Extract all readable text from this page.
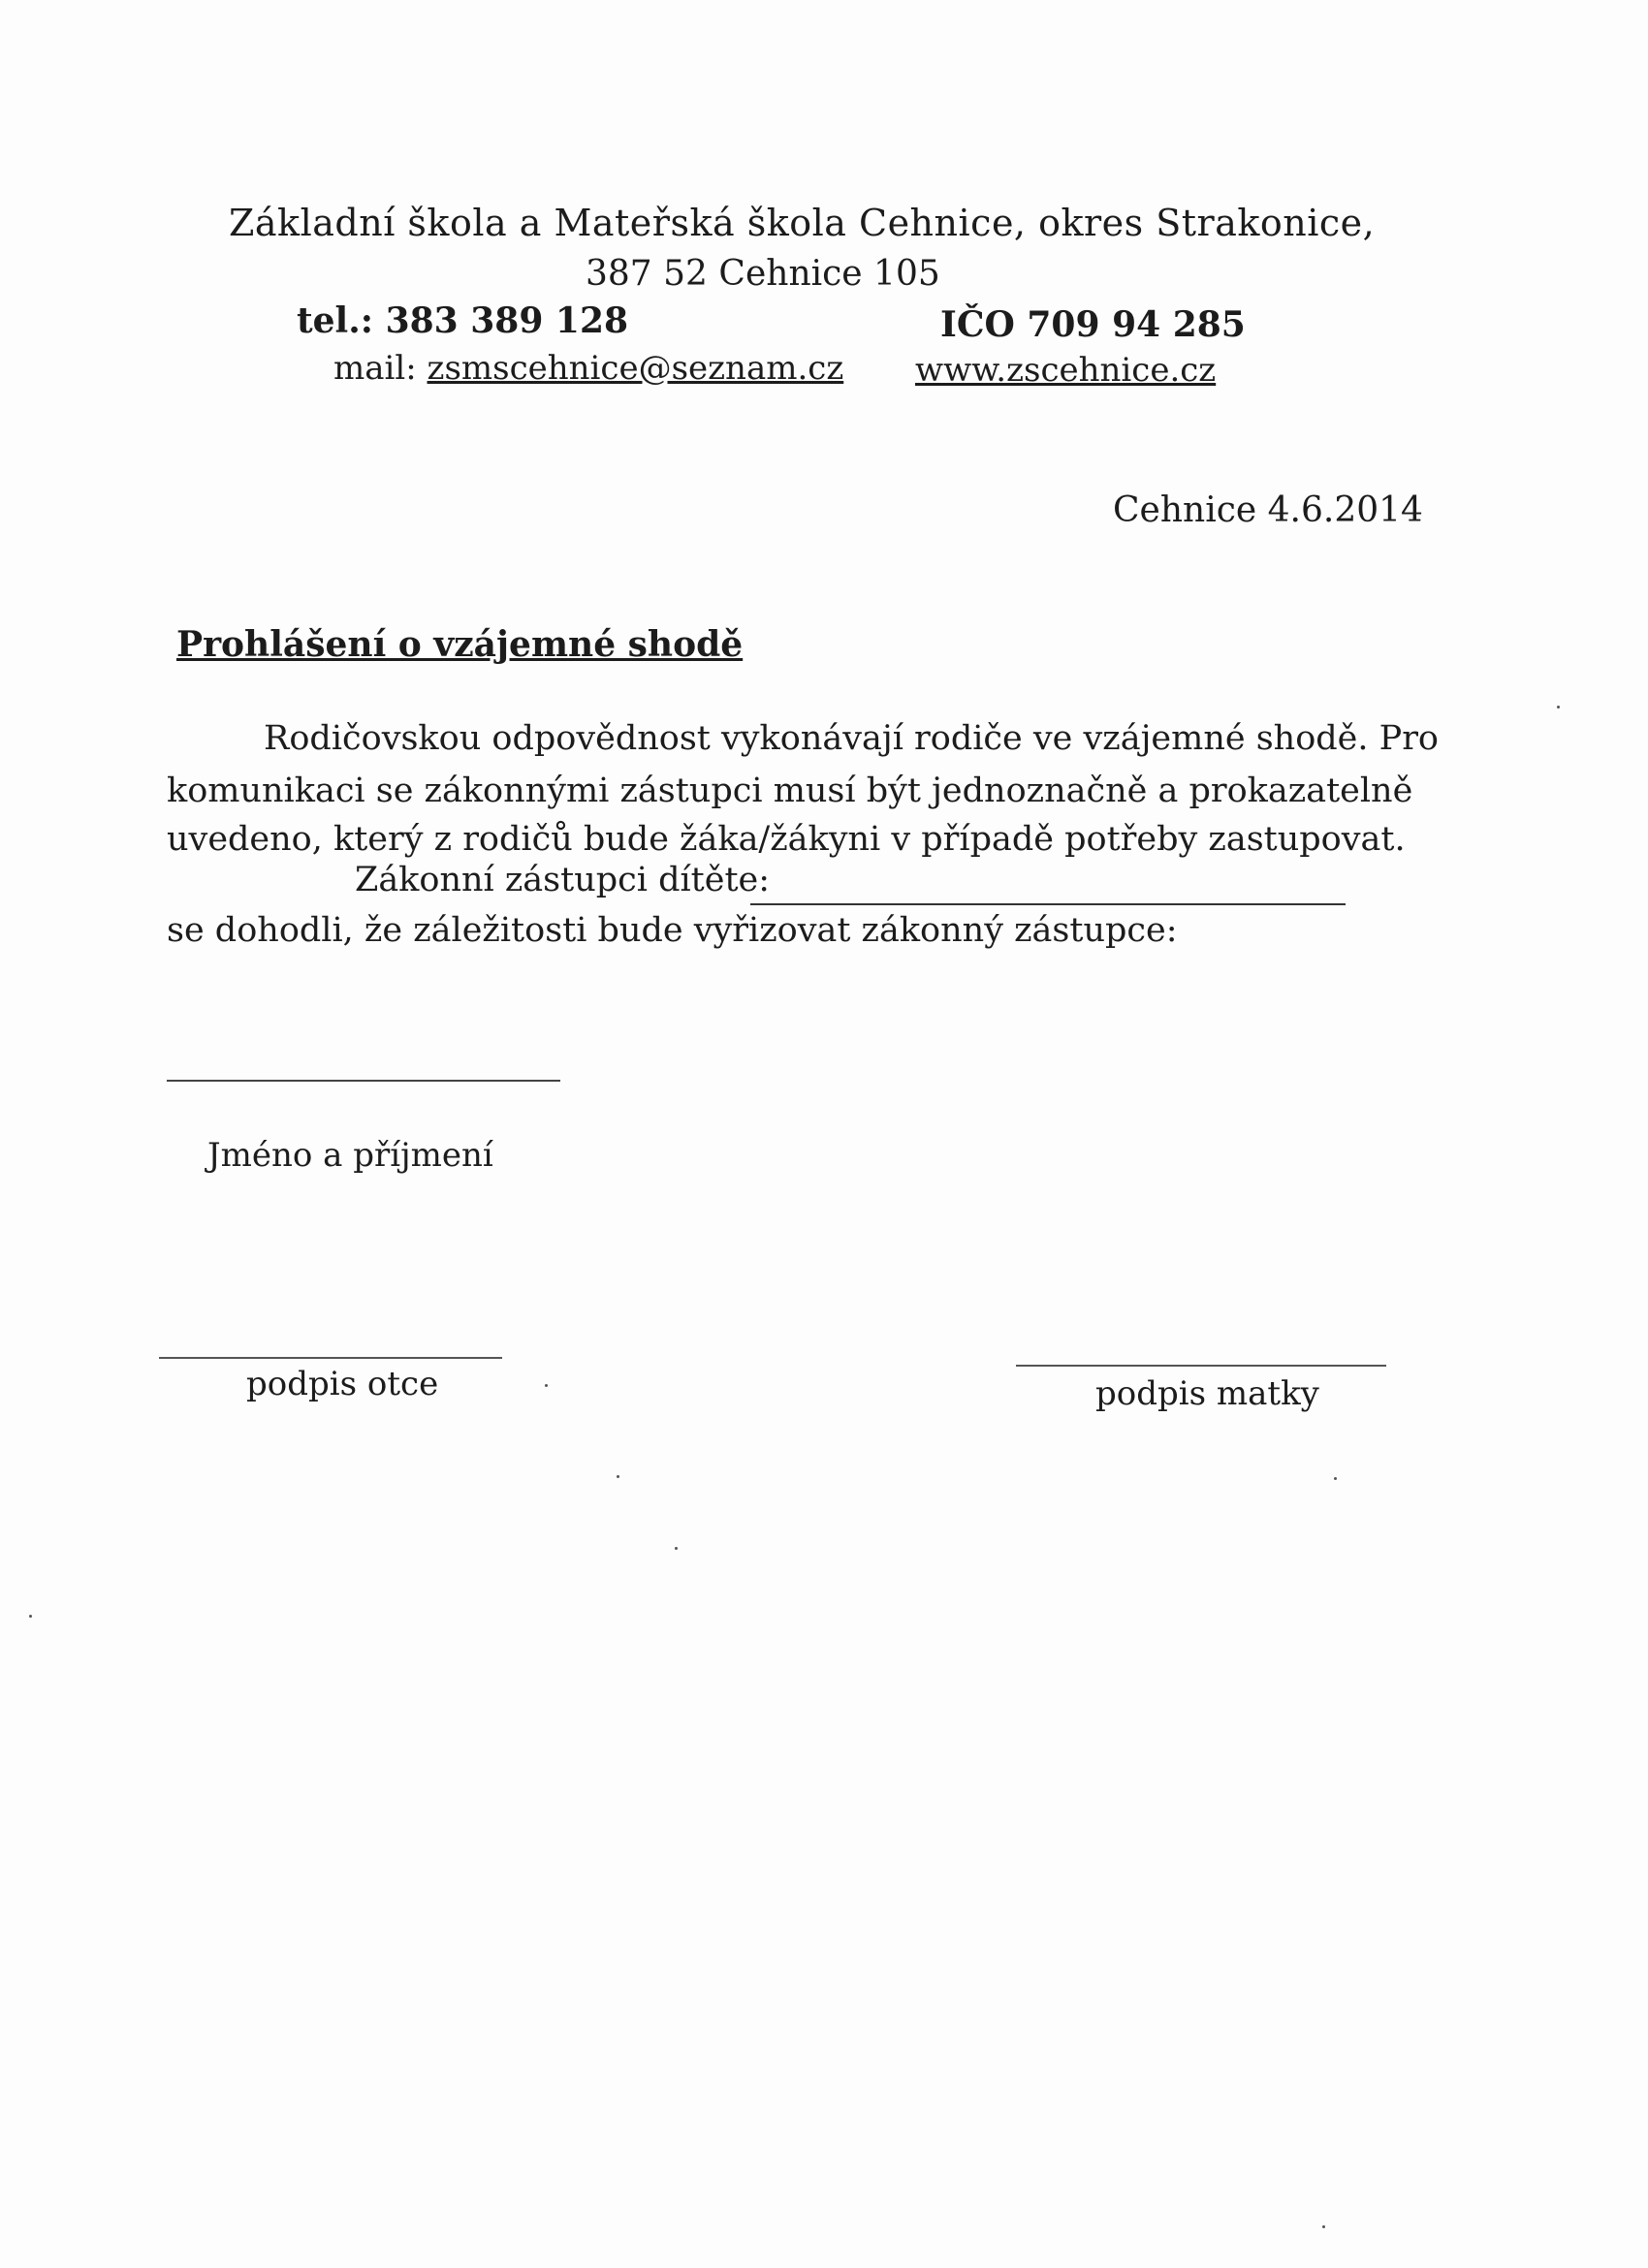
Základní škola a Mateřská škola Cehnice, okres Strakonice,
387 52 Cehnice 105
tel.: 383 389 128	IČO 709 94 285
mail: zsmscehnice@seznam.cz www.zscehnice.cz
Cehnice 4.6.2014
Prohlášení o vzájemné shodě
Rodičovskou odpovědnost vykonávají rodiče ve vzájemné shodě. Pro
komunikaci se zákonnými zástupci musí být jednoznačně a prokazatelně
uvedeno, který z rodičů bude žáka/žákyni v případě potřeby zastupovat.
Zákonní zástupci dítěte:
se dohodli, že záležitosti bude vyřizovat zákonný zástupce:
Jméno a příjmení
podpis otce	podpis matky
